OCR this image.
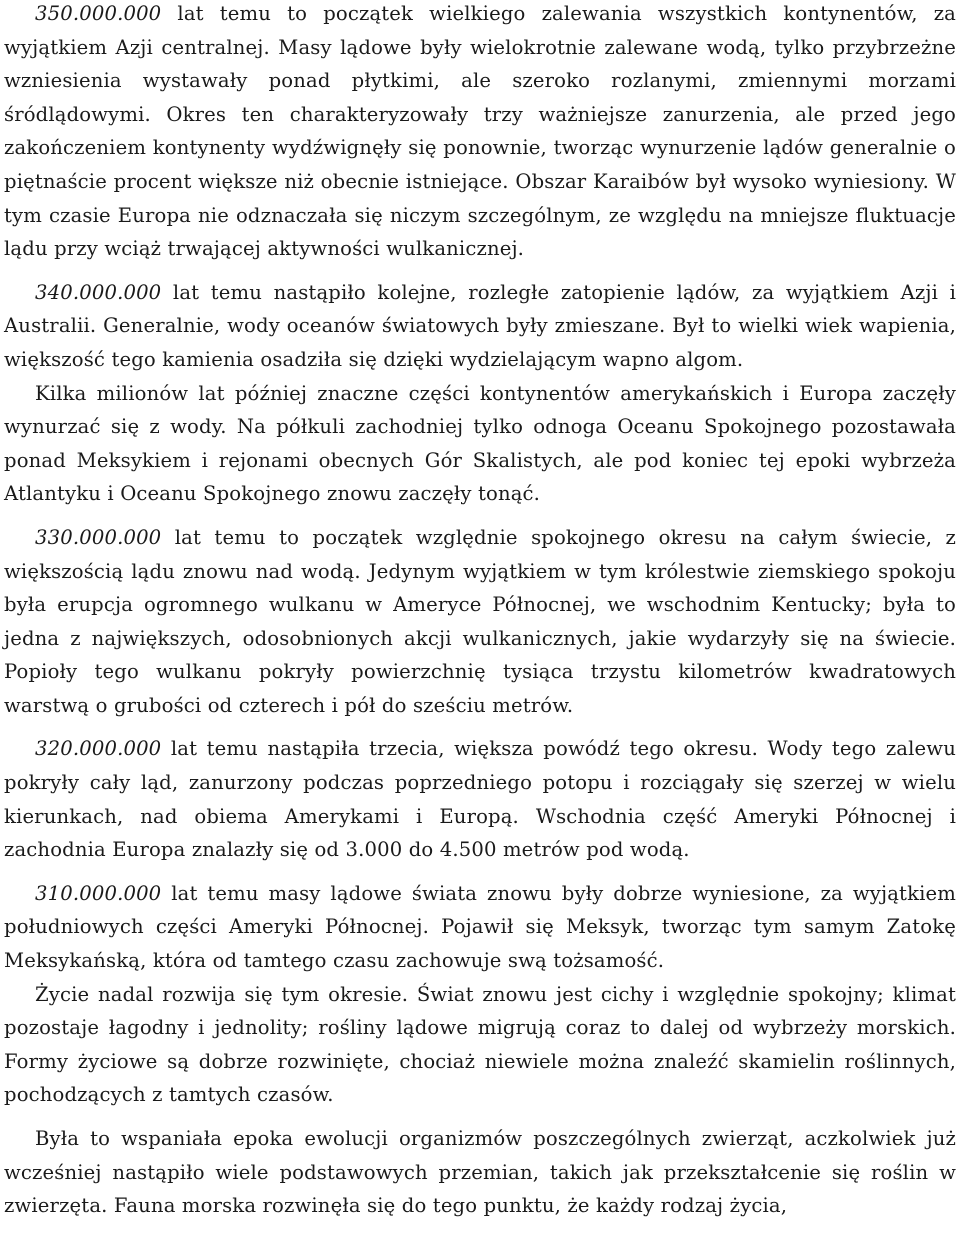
350.000.000 lat temu to początek wielkiego zalewania wszystkich kontynentów, za wyjątkiem Azji centralnej. Masy lądowe były wielokrotnie zalewane wodą, tylko przybrzeżne wzniesienia wystawały ponad płytkimi, ale szeroko rozlanymi, zmiennymi morzami śródlądowymi. Okres ten charakteryzowały trzy ważniejsze zanurzenia, ale przed jego zakończeniem kontynenty wydźwignęły się ponownie, tworząc wynurzenie lądów generalnie o piętnaście procent większe niż obecnie istniejące. Obszar Karaibów był wysoko wyniesiony. W tym czasie Europa nie odznaczała się niczym szczególnym, ze względu na mniejsze fluktuacje lądu przy wciąż trwającej aktywności wulkanicznej.

340.000.000 lat temu nastąpiło kolejne, rozległe zatopienie lądów, za wyjątkiem Azji i Australii. Generalnie, wody oceanów światowych były zmieszane. Był to wielki wiek wapienia, większość tego kamienia osadziła się dzięki wydzielającym wapno algom.

Kilka milionów lat później znaczne części kontynentów amerykańskich i Europa zaczęły wynurzać się z wody. Na półkuli zachodniej tylko odnoga Oceanu Spokojnego pozostawała ponad Meksykiem i rejonami obecnych Gór Skalistych, ale pod koniec tej epoki wybrzeża Atlantyku i Oceanu Spokojnego znowu zaczęły tonąć.

330.000.000 lat temu to początek względnie spokojnego okresu na całym świecie, z większością lądu znowu nad wodą. Jedynym wyjątkiem w tym królestwie ziemskiego spokoju była erupcja ogromnego wulkanu w Ameryce Północnej, we wschodnim Kentucky; była to jedna z największych, odosobnionych akcji wulkanicznych, jakie wydarzyły się na świecie. Popioły tego wulkanu pokryły powierzchnię tysiąca trzystu kilometrów kwadratowych warstwą o grubości od czterech i pół do sześciu metrów.

320.000.000 lat temu nastąpiła trzecia, większa powódź tego okresu. Wody tego zalewu pokryły cały ląd, zanurzony podczas poprzedniego potopu i rozciągały się szerzej w wielu kierunkach, nad obiema Amerykami i Europą. Wschodnia część Ameryki Północnej i zachodnia Europa znalazły się od 3.000 do 4.500 metrów pod wodą.

310.000.000 lat temu masy lądowe świata znowu były dobrze wyniesione, za wyjątkiem południowych części Ameryki Północnej. Pojawił się Meksyk, tworząc tym samym Zatokę Meksykańską, która od tamtego czasu zachowuje swą tożsamość.

Życie nadal rozwija się tym okresie. Świat znowu jest cichy i względnie spokojny; klimat pozostaje łagodny i jednolity; rośliny lądowe migrują coraz to dalej od wybrzeży morskich. Formy życiowe są dobrze rozwinięte, chociaż niewiele można znaleźć skamielin roślinnych, pochodzących z tamtych czasów.

Była to wspaniała epoka ewolucji organizmów poszczególnych zwierząt, aczkolwiek już wcześniej nastąpiło wiele podstawowych przemian, takich jak przekształcenie się roślin w zwierzęta. Fauna morska rozwinęła się do tego punktu, że każdy rodzaj życia,
